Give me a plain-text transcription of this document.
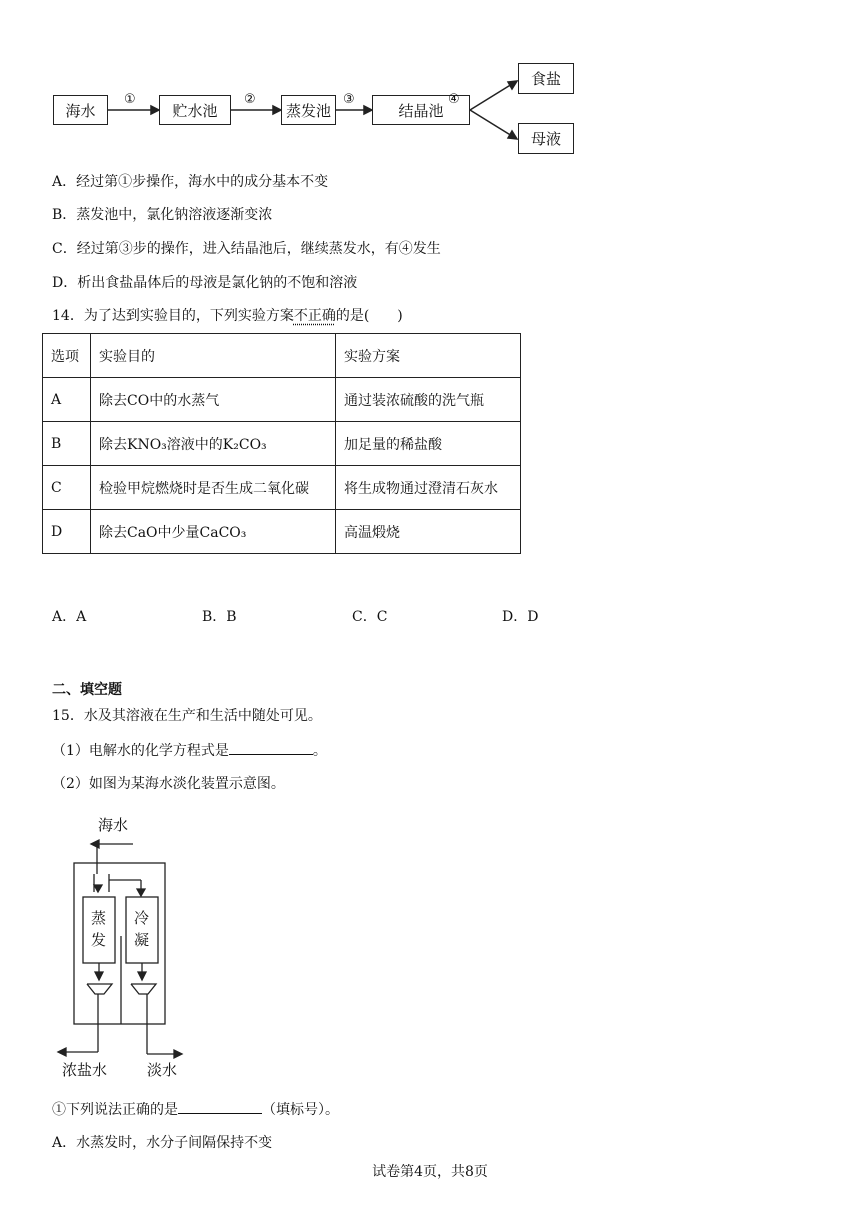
海水	贮水池	蒸发池	结晶池
食盐
母液
①	②	③	④
A．经过第①步操作，海水中的成分基本不变
B．蒸发池中，氯化钠溶液逐渐变浓
C．经过第③步的操作，进入结晶池后，继续蒸发水，有④发生
D．析出食盐晶体后的母液是氯化钠的不饱和溶液
14．为了达到实验目的，下列实验方案不正确的是(　　)
选项	实验目的	实验方案
A	除去CO中的水蒸气	通过装浓硫酸的洗气瓶
B	除去KNO₃溶液中的K₂CO₃	加足量的稀盐酸
C	检验甲烷燃烧时是否生成二氧化碳	将生成物通过澄清石灰水
D	除去CaO中少量CaCO₃	高温煅烧
A．A	B．B	C．C	D．D
二、填空题
15．水及其溶液在生产和生活中随处可见。
（1）电解水的化学方程式是	。
（2）如图为某海水淡化装置示意图。
海水
蒸
发
冷
凝
浓盐水	淡水
①下列说法正确的是	（填标号）。
A．水蒸发时，水分子间隔保持不变
试卷第4页，共8页
